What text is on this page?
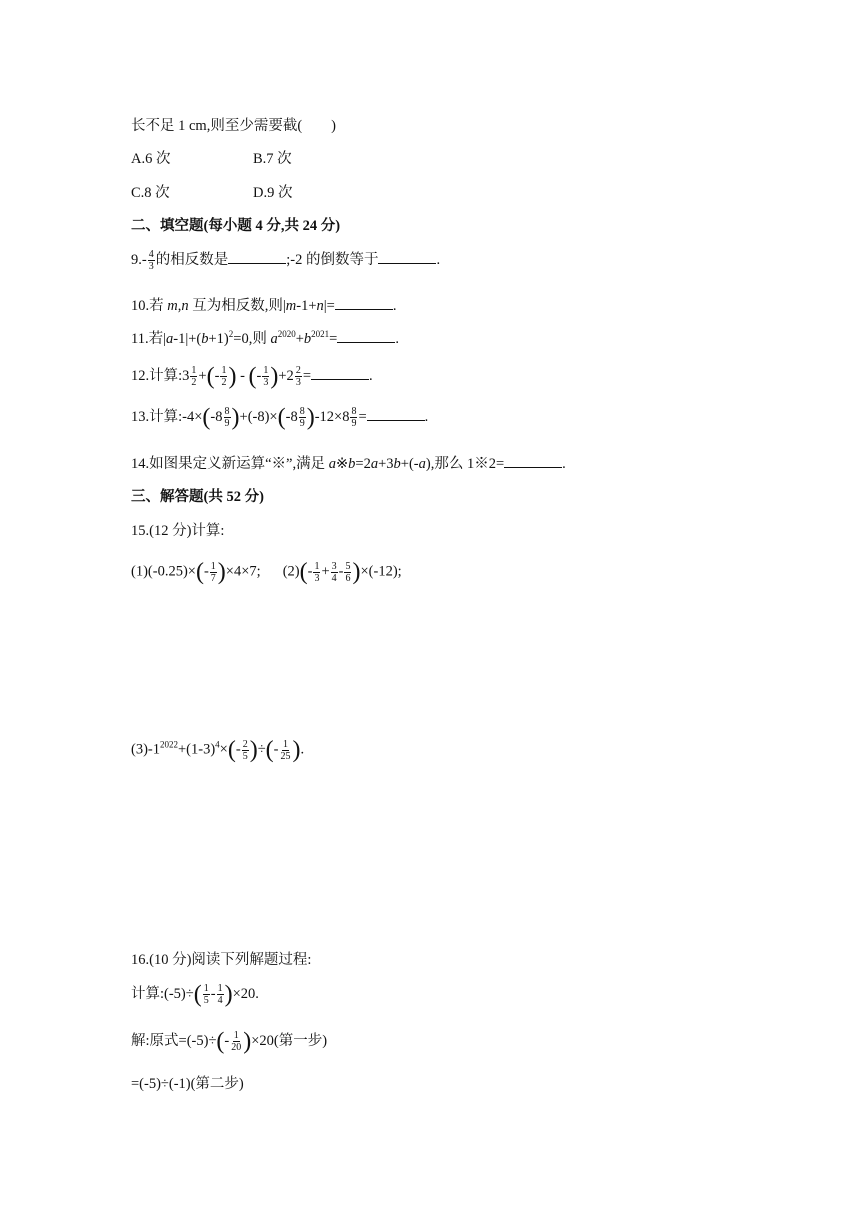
长不足 1 cm,则至少需要截(　　)
A.6 次	B.7 次
C.8 次	D.9 次
二、填空题(每小题 4 分,共 24 分)
$9.- \frac{4}{3}$ 的相反数是	;-2 的倒数等于	.
10.若 m,n 互为相反数,则|m-1+n|=	.
11.若$|a-1|+(b+1)^2=0$,则 $a^{2020}+b^{2021}=$	.
12.计算:3 $\frac{1}{2}$ +(- $\frac{1}{2}$ ) - (- $\frac{1}{3} )+2 \frac{2}{3}$ =	.
13.计算:-4×(-8 $\frac{8}{9} )+(-8)\times(-8 \frac{8}{9} )-12\times 8 \frac{8}{9}$ =	.
14.如图果定义新运算“※”,满足 a※b=2a+3b+(-a),那么 1※2=	.
三、解答题(共 52 分)
15.(12 分)计算:
$(1)(-0.25)\times(- \frac{1}{7} )\times 4\times 7$; $(2)(- \frac{1}{3} + \frac{3}{4} - \frac{5}{6} )\times(-12)$;
$(3)-1^{2022}+(1-3)^4\times(- \frac{2}{5}$ )÷(- $\frac{1}{25}$ ).
16.(10 分)阅读下列解题过程:
计算:(-5)÷( $\frac{1}{5} - \frac{1}{4} )\times 20$.
解:原式$=(-5)\div(- \frac{1}{20} )\times 20$(第一步)
=(-5)÷(-1)(第二步)
